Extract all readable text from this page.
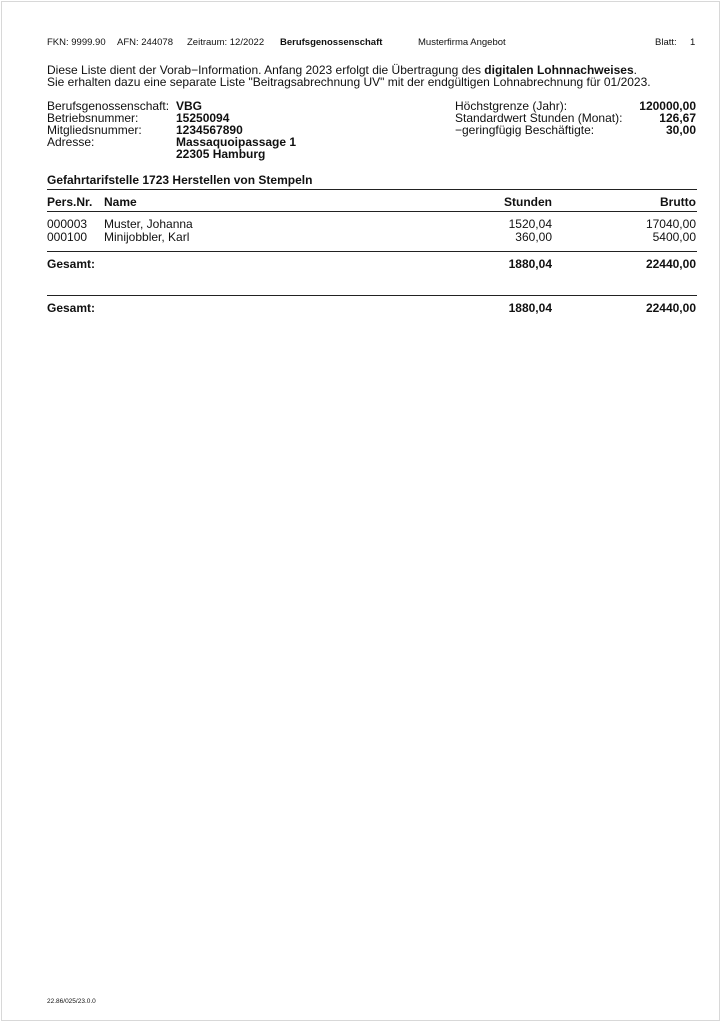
FKN: 9999.90 AFN: 244078 Zeitraum: 12/2022 Berufsgenossenschaft	Musterfirma Angebot	Blatt: 1
Diese Liste dient der Vorab−Information. Anfang 2023 erfolgt die Übertragung des digitalen Lohnnachweises.
Sie erhalten dazu eine separate Liste "Beitragsabrechnung UV" mit der endgültigen Lohnabrechnung für 01/2023.
Berufsgenossenschaft: VBG
Betriebsnummer:	15250094
Mitgliedsnummer:	1234567890
Adresse:	Massaquoipassage 1
22305 Hamburg
Höchstgrenze (Jahr):	120000,00
Standardwert Stunden (Monat):	126,67
−geringfügig Beschäftigte:	30,00
Gefahrtarifstelle 1723 Herstellen von Stempeln
Pers.Nr. Name	Stunden	Brutto
000003 Muster, Johanna	1520,04	17040,00
000100 Minijobbler, Karl	360,00	5400,00
Gesamt:	1880,04	22440,00
Gesamt:	1880,04	22440,00
22.86/025/23.0.0
